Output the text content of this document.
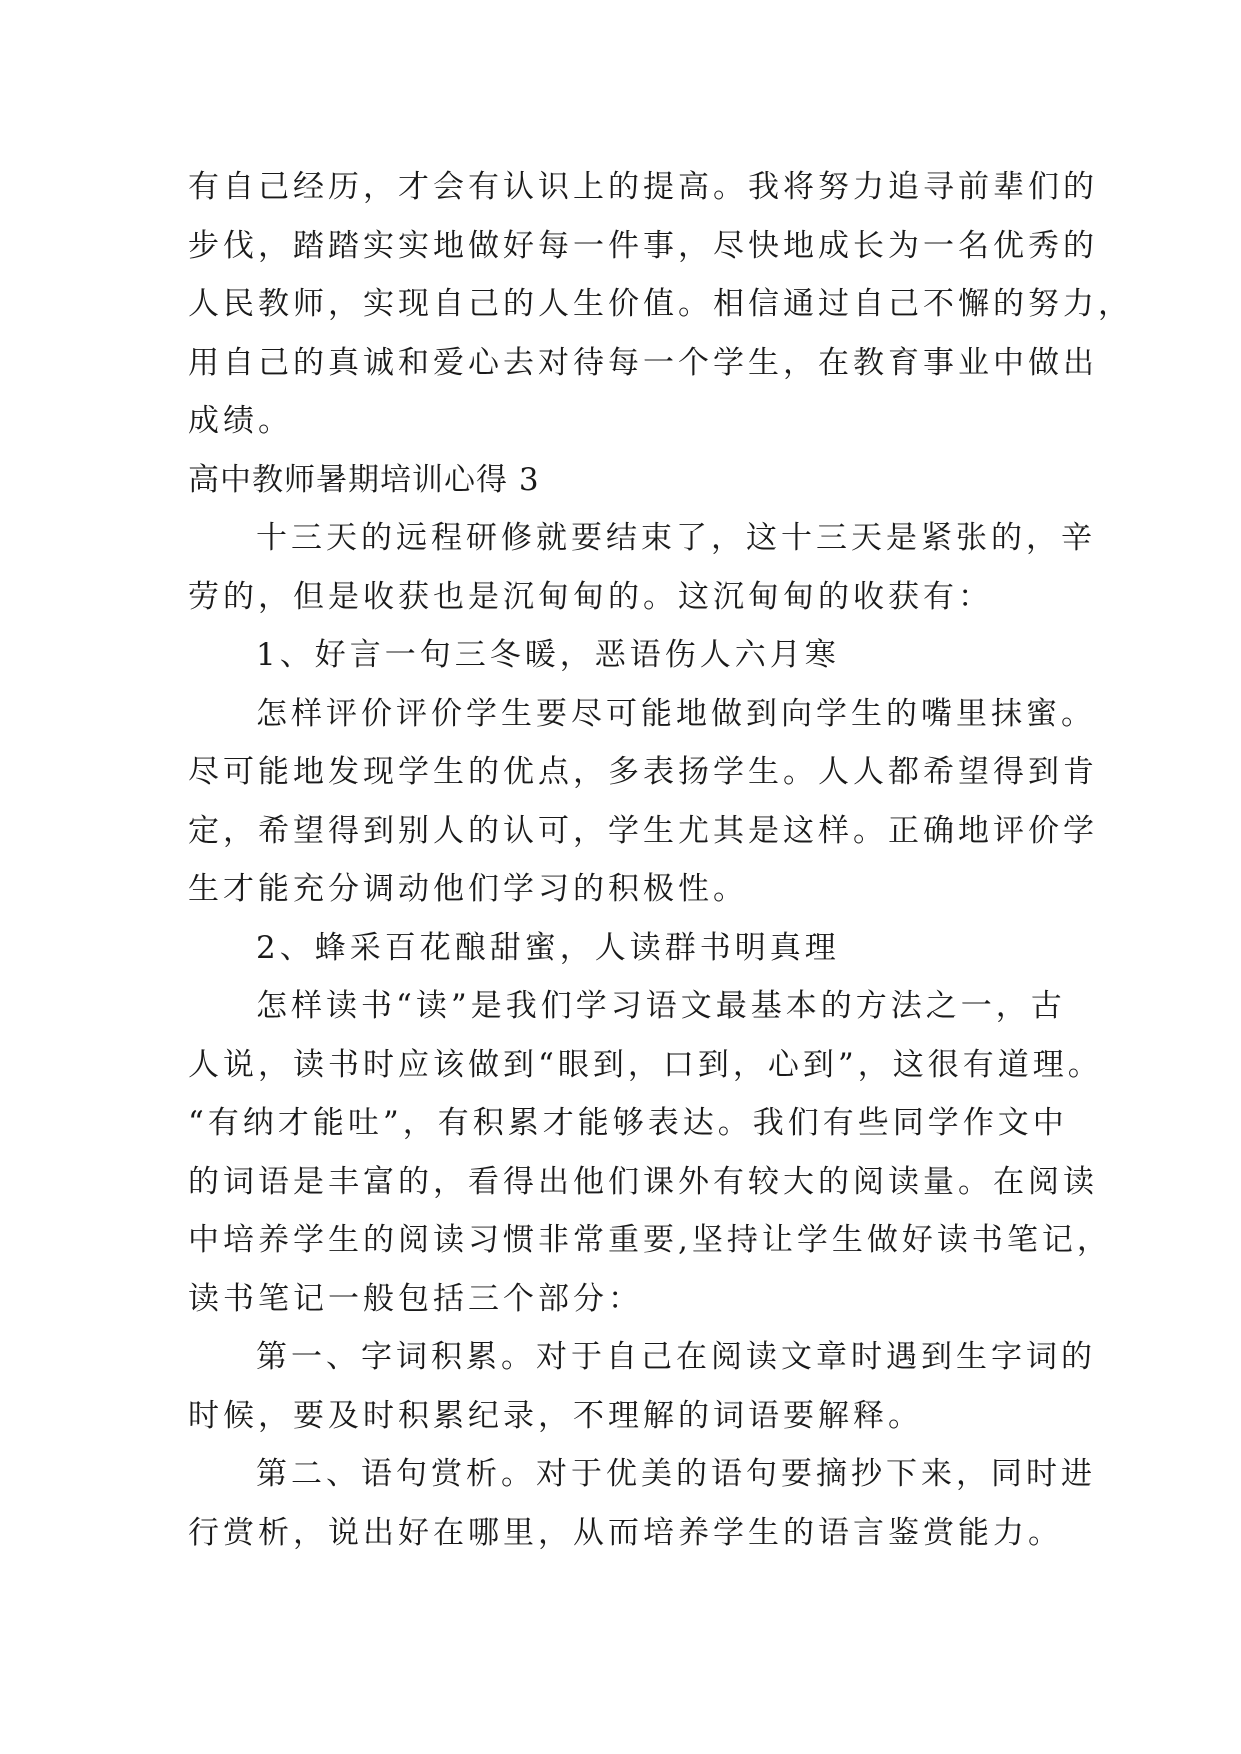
有自己经历，才会有认识上的提高。我将努力追寻前辈们的
步伐，踏踏实实地做好每一件事，尽快地成长为一名优秀的
人民教师，实现自己的人生价值。相信通过自己不懈的努力，
用自己的真诚和爱心去对待每一个学生，在教育事业中做出
成绩。
高中教师暑期培训心得 3
十三天的远程研修就要结束了，这十三天是紧张的，辛
劳的，但是收获也是沉甸甸的。这沉甸甸的收获有：
1、好言一句三冬暖，恶语伤人六月寒
怎样评价评价学生要尽可能地做到向学生的嘴里抹蜜。
尽可能地发现学生的优点，多表扬学生。人人都希望得到肯
定，希望得到别人的认可，学生尤其是这样。正确地评价学
生才能充分调动他们学习的积极性。
2、蜂采百花酿甜蜜，人读群书明真理
怎样读书“读”是我们学习语文最基本的方法之一，古
人说，读书时应该做到“眼到，口到，心到”，这很有道理。
“有纳才能吐”，有积累才能够表达。我们有些同学作文中
的词语是丰富的，看得出他们课外有较大的阅读量。在阅读
中培养学生的阅读习惯非常重要,坚持让学生做好读书笔记，
读书笔记一般包括三个部分：
第一、字词积累。对于自己在阅读文章时遇到生字词的
时候，要及时积累纪录，不理解的词语要解释。
第二、语句赏析。对于优美的语句要摘抄下来，同时进
行赏析，说出好在哪里，从而培养学生的语言鉴赏能力。
